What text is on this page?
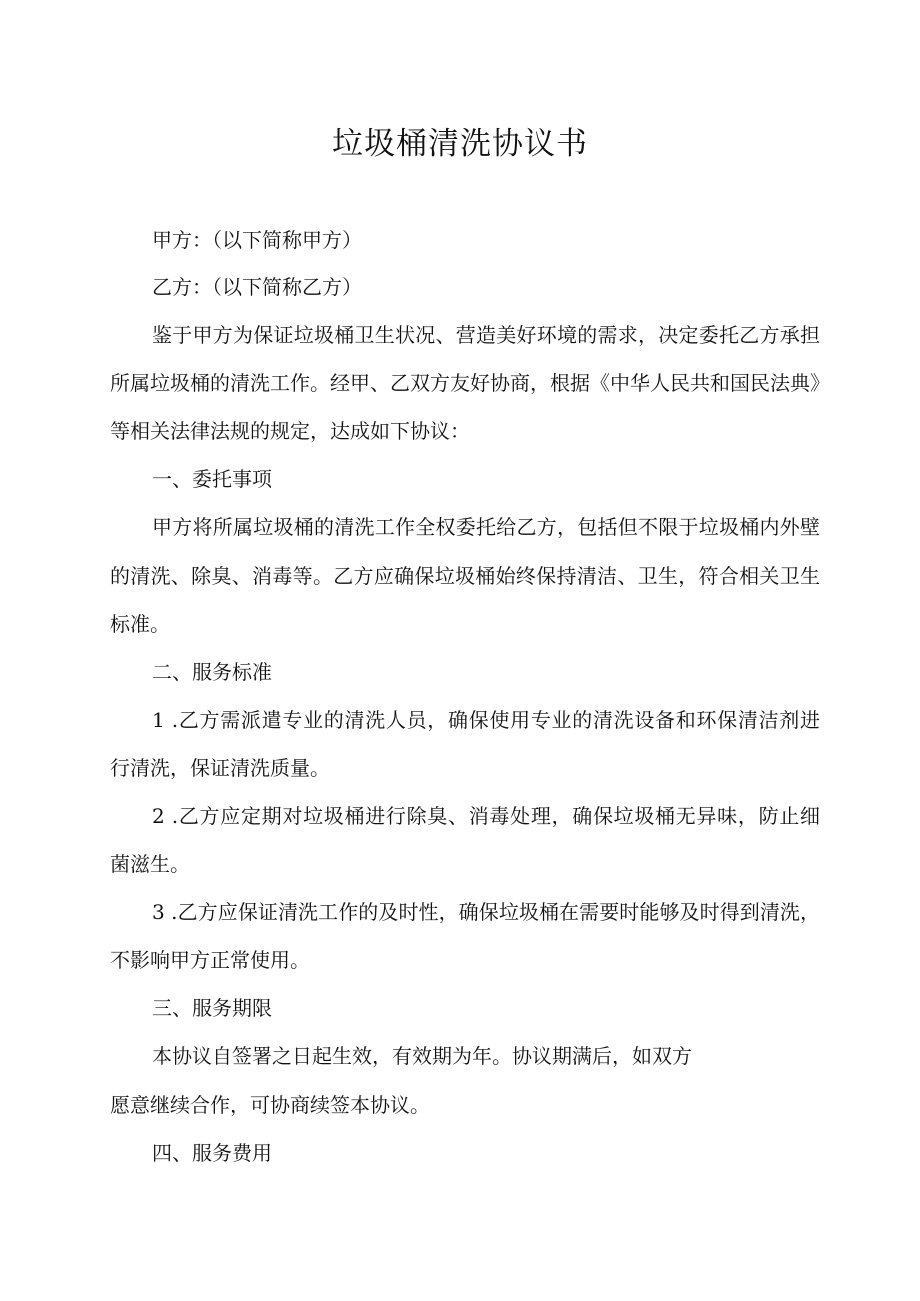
垃圾桶清洗协议书
甲方：（以下简称甲方）
乙方：（以下简称乙方）
鉴于甲方为保证垃圾桶卫生状况、营造美好环境的需求，决定委托乙方承担
所属垃圾桶的清洗工作。经甲、乙双方友好协商，根据《中华人民共和国民法典》
等相关法律法规的规定，达成如下协议：
一、委托事项
甲方将所属垃圾桶的清洗工作全权委托给乙方，包括但不限于垃圾桶内外壁
的清洗、除臭、消毒等。乙方应确保垃圾桶始终保持清洁、卫生，符合相关卫生
标准。
二、服务标准
1 .乙方需派遣专业的清洗人员，确保使用专业的清洗设备和环保清洁剂进
行清洗，保证清洗质量。
2 .乙方应定期对垃圾桶进行除臭、消毒处理，确保垃圾桶无异味，防止细
菌滋生。
3 .乙方应保证清洗工作的及时性，确保垃圾桶在需要时能够及时得到清洗，
不影响甲方正常使用。
三、服务期限
本协议自签署之日起生效，有效期为年。协议期满后，如双方
愿意继续合作，可协商续签本协议。
四、服务费用
